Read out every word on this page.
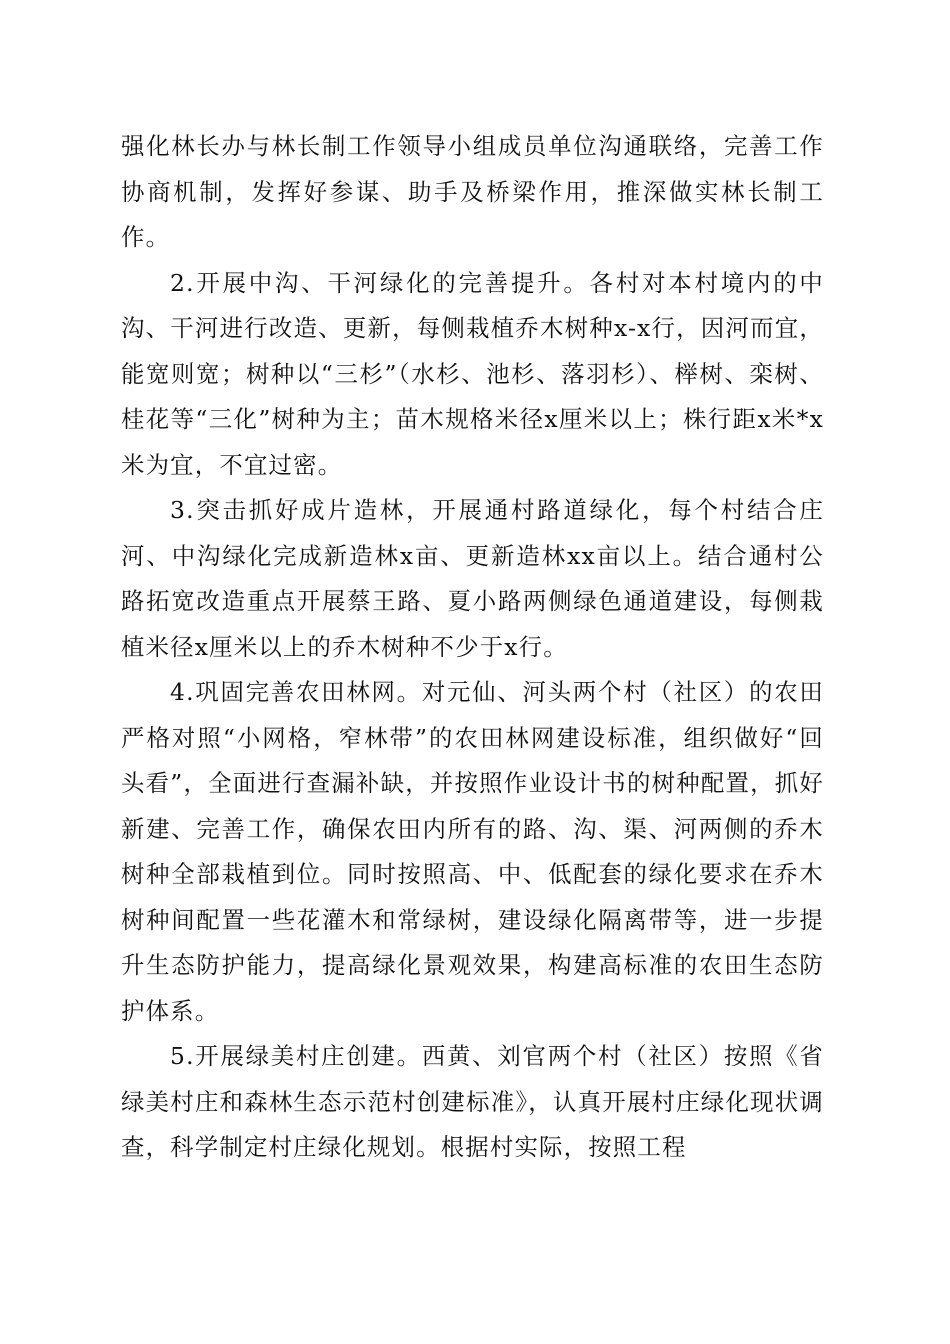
强化林长办与林长制工作领导小组成员单位沟通联络，完善工作协商机制，发挥好参谋、助手及桥梁作用，推深做实林长制工作。

2.开展中沟、干河绿化的完善提升。各村对本村境内的中沟、干河进行改造、更新，每侧栽植乔木树种x-x行，因河而宜，能宽则宽；树种以“三杉”（水杉、池杉、落羽杉）、榉树、栾树、桂花等“三化”树种为主；苗木规格米径x厘米以上；株行距x米*x米为宜，不宜过密。

3.突击抓好成片造林，开展通村路道绿化，每个村结合庄河、中沟绿化完成新造林x亩、更新造林xx亩以上。结合通村公路拓宽改造重点开展蔡王路、夏小路两侧绿色通道建设，每侧栽植米径x厘米以上的乔木树种不少于x行。

4.巩固完善农田林网。对元仙、河头两个村（社区）的农田严格对照“小网格，窄林带”的农田林网建设标准，组织做好“回头看”，全面进行查漏补缺，并按照作业设计书的树种配置，抓好新建、完善工作，确保农田内所有的路、沟、渠、河两侧的乔木树种全部栽植到位。同时按照高、中、低配套的绿化要求在乔木树种间配置一些花灌木和常绿树，建设绿化隔离带等，进一步提升生态防护能力，提高绿化景观效果，构建高标准的农田生态防护体系。

5.开展绿美村庄创建。西黄、刘官两个村（社区）按照《省绿美村庄和森林生态示范村创建标准》，认真开展村庄绿化现状调查，科学制定村庄绿化规划。根据村实际，按照工程
